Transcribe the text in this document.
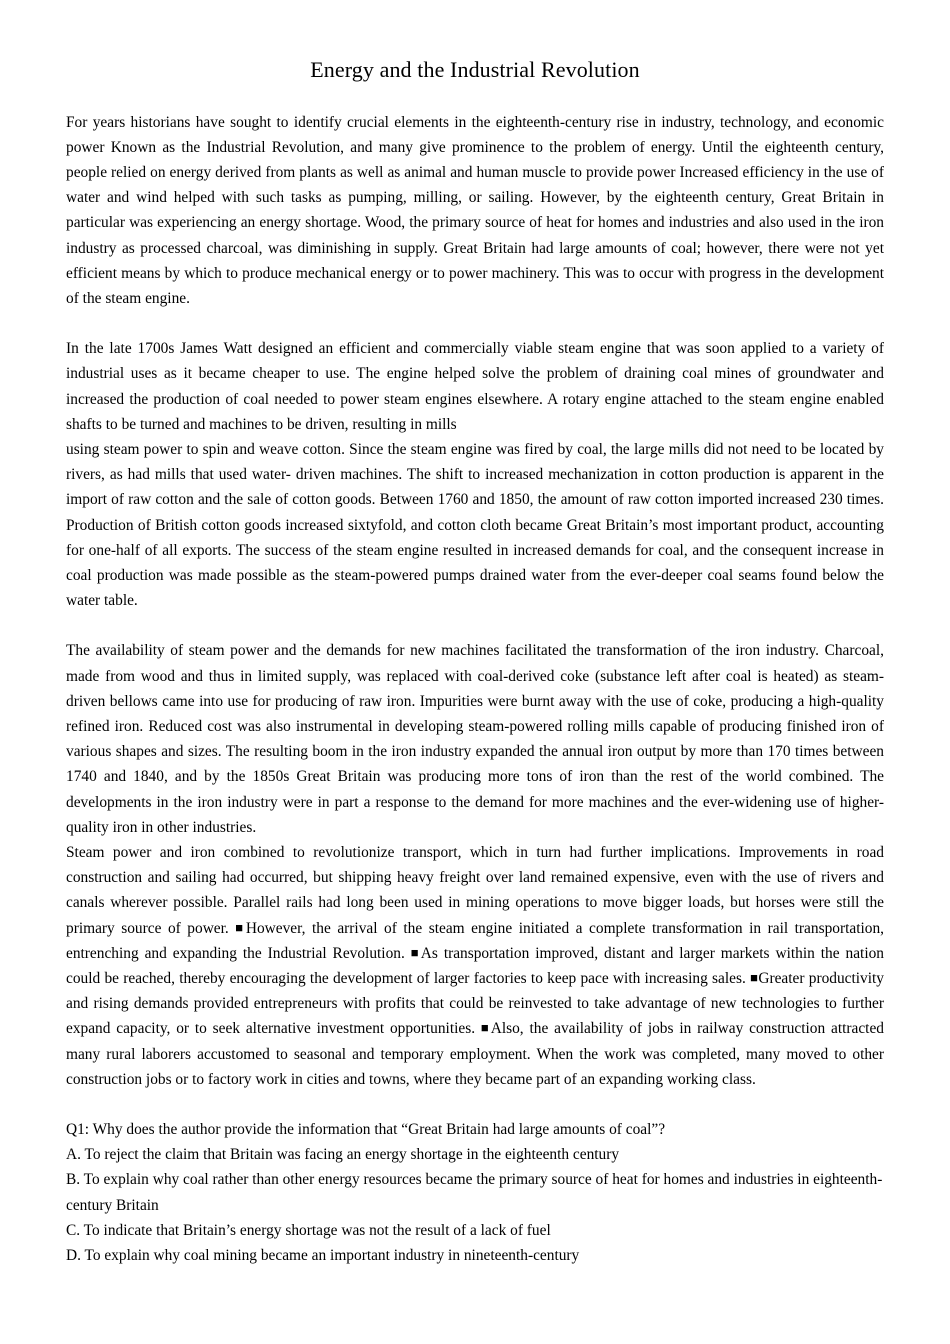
Energy and the Industrial Revolution

For years historians have sought to identify crucial elements in the eighteenth-century rise in industry, technology, and economic power Known as the Industrial Revolution, and many give prominence to the problem of energy. Until the eighteenth century, people relied on energy derived from plants as well as animal and human muscle to provide power Increased efficiency in the use of water and wind helped with such tasks as pumping, milling, or sailing. However, by the eighteenth century, Great Britain in particular was experiencing an energy shortage. Wood, the primary source of heat for homes and industries and also used in the iron industry as processed charcoal, was diminishing in supply. Great Britain had large amounts of coal; however, there were not yet efficient means by which to produce mechanical energy or to power machinery. This was to occur with progress in the development of the steam engine.

In the late 1700s James Watt designed an efficient and commercially viable steam engine that was soon applied to a variety of industrial uses as it became cheaper to use. The engine helped solve the problem of draining coal mines of groundwater and increased the production of coal needed to power steam engines elsewhere. A rotary engine attached to the steam engine enabled shafts to be turned and machines to be driven, resulting in mills

using steam power to spin and weave cotton. Since the steam engine was fired by coal, the large mills did not need to be located by rivers, as had mills that used water- driven machines. The shift to increased mechanization in cotton production is apparent in the import of raw cotton and the sale of cotton goods. Between 1760 and 1850, the amount of raw cotton imported increased 230 times. Production of British cotton goods increased sixtyfold, and cotton cloth became Great Britain’s most important product, accounting for one-half of all exports. The success of the steam engine resulted in increased demands for coal, and the consequent increase in coal production was made possible as the steam-powered pumps drained water from the ever-deeper coal seams found below the water table.

The availability of steam power and the demands for new machines facilitated the transformation of the iron industry. Charcoal, made from wood and thus in limited supply, was replaced with coal-derived coke (substance left after coal is heated) as steam-driven bellows came into use for producing of raw iron. Impurities were burnt away with the use of coke, producing a high-quality refined iron. Reduced cost was also instrumental in developing steam-powered rolling mills capable of producing finished iron of various shapes and sizes. The resulting boom in the iron industry expanded the annual iron output by more than 170 times between 1740 and 1840, and by the 1850s Great Britain was producing more tons of iron than the rest of the world combined. The developments in the iron industry were in part a response to the demand for more machines and the ever-widening use of higher-quality iron in other industries.

Steam power and iron combined to revolutionize transport, which in turn had further implications. Improvements in road construction and sailing had occurred, but shipping heavy freight over land remained expensive, even with the use of rivers and canals wherever possible. Parallel rails had long been used in mining operations to move bigger loads, but horses were still the primary source of power. ■However, the arrival of the steam engine initiated a complete transformation in rail transportation, entrenching and expanding the Industrial Revolution. ■As transportation improved, distant and larger markets within the nation could be reached, thereby encouraging the development of larger factories to keep pace with increasing sales. ■Greater productivity and rising demands provided entrepreneurs with profits that could be reinvested to take advantage of new technologies to further expand capacity, or to seek alternative investment opportunities. ■Also, the availability of jobs in railway construction attracted many rural laborers accustomed to seasonal and temporary employment. When the work was completed, many moved to other construction jobs or to factory work in cities and towns, where they became part of an expanding working class.

Q1: Why does the author provide the information that “Great Britain had large amounts of coal”?

A. To reject the claim that Britain was facing an energy shortage in the eighteenth century

B. To explain why coal rather than other energy resources became the primary source of heat for homes and industries in eighteenth-century Britain

C. To indicate that Britain’s energy shortage was not the result of a lack of fuel

D. To explain why coal mining became an important industry in nineteenth-century
